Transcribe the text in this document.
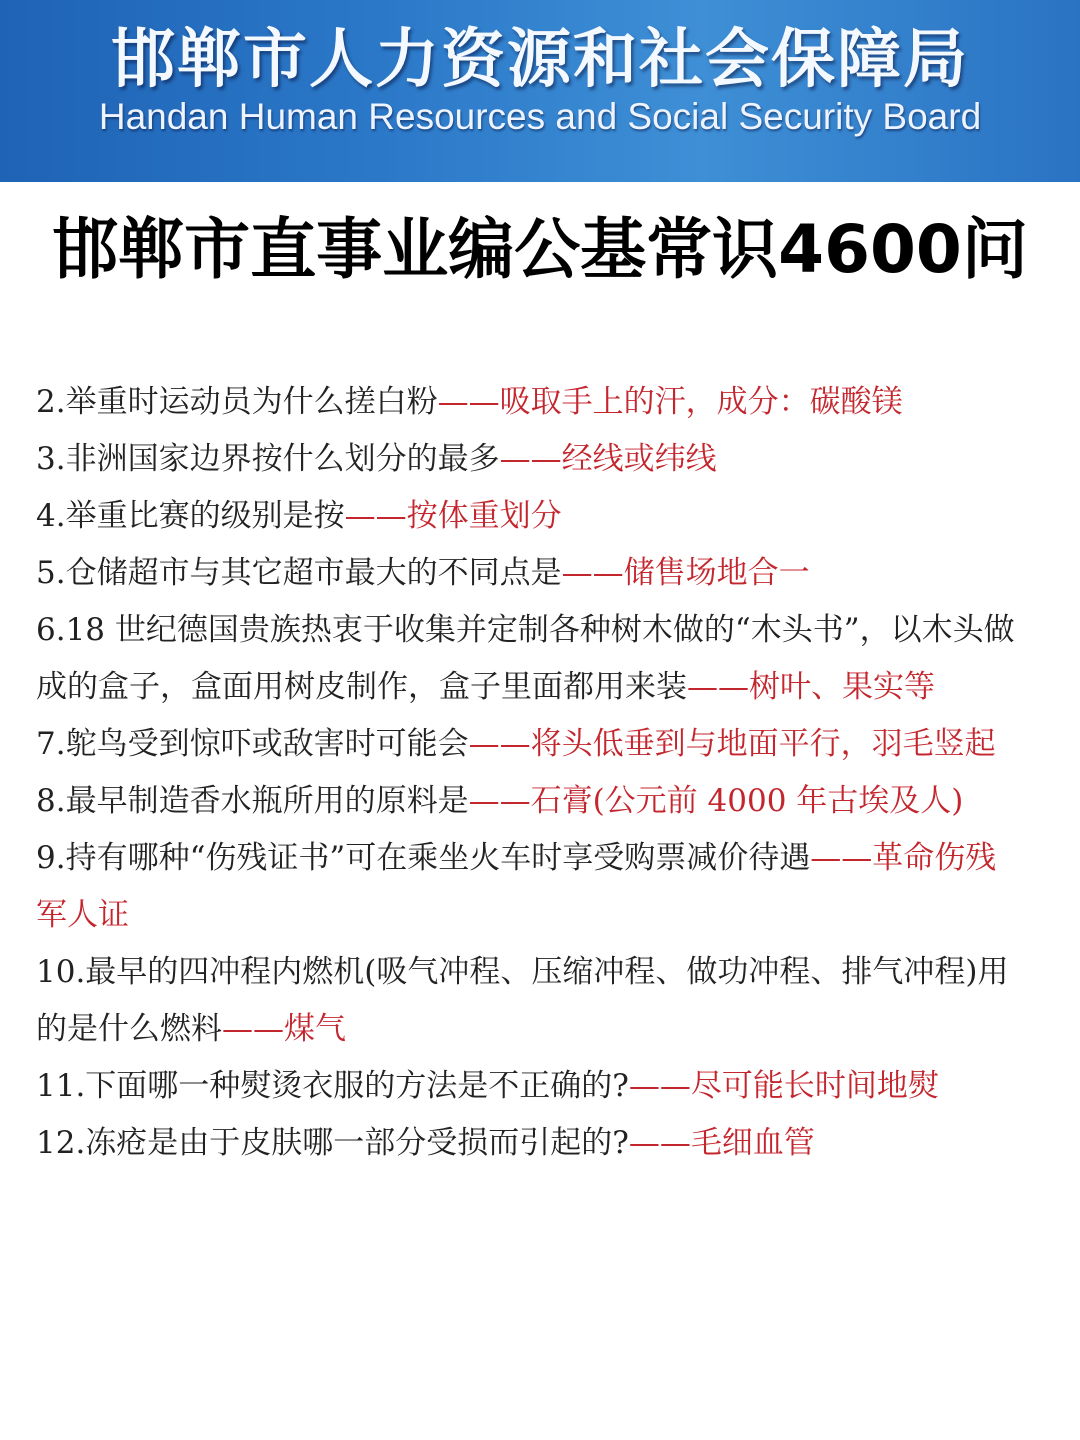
邯郸市人力资源和社会保障局
Handan Human Resources and Social Security Board
邯郸市直事业编公基常识4600问
2.举重时运动员为什么搓白粉——吸取手上的汗，成分：碳酸镁
3.非洲国家边界按什么划分的最多——经线或纬线
4.举重比赛的级别是按——按体重划分
5.仓储超市与其它超市最大的不同点是——储售场地合一
6.18 世纪德国贵族热衷于收集并定制各种树木做的“木头书”，以木头做成的盒子，盒面用树皮制作，盒子里面都用来装——树叶、果实等
7.鸵鸟受到惊吓或敌害时可能会——将头低垂到与地面平行，羽毛竖起
8.最早制造香水瓶所用的原料是——石膏(公元前 4000 年古埃及人)
9.持有哪种“伤残证书”可在乘坐火车时享受购票减价待遇——革命伤残军人证
10.最早的四冲程内燃机(吸气冲程、压缩冲程、做功冲程、排气冲程)用的是什么燃料——煤气
11.下面哪一种熨烫衣服的方法是不正确的?——尽可能长时间地熨
12.冻疮是由于皮肤哪一部分受损而引起的?——毛细血管
